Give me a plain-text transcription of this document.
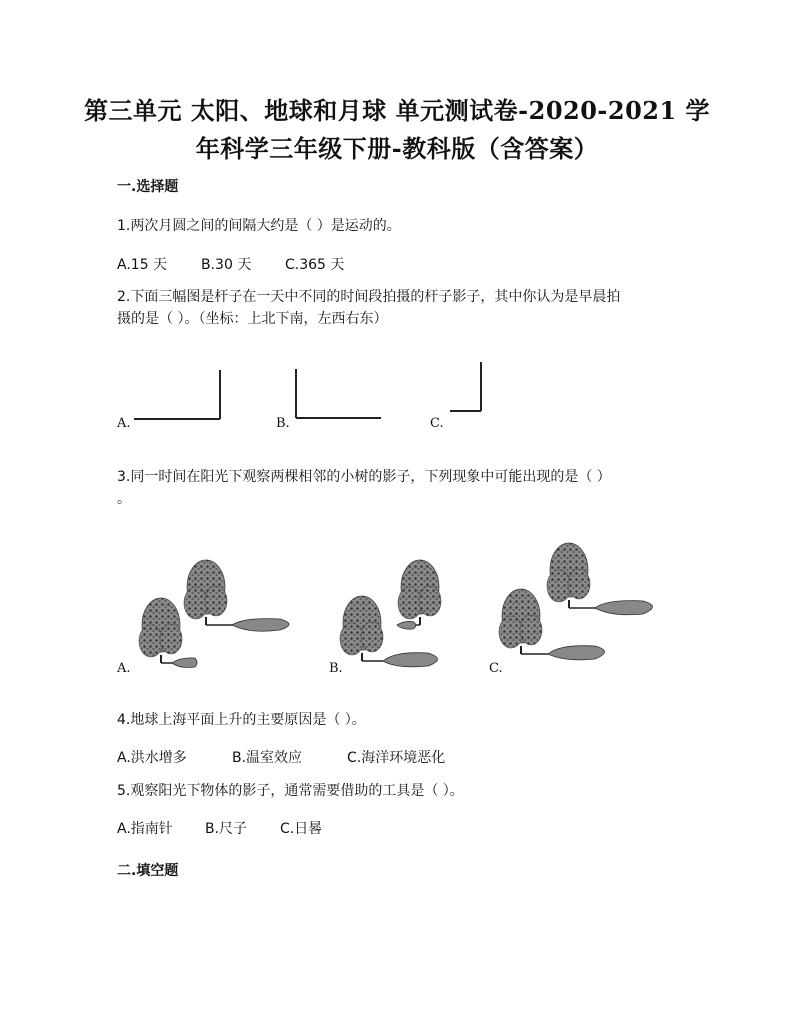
第三单元 太阳、地球和月球 单元测试卷-2020-2021 学
年科学三年级下册-教科版（含答案）
一.选择题
1.两次月圆之间的间隔大约是（ ）是运动的。
A.15 天 B.30 天 C.365 天
2.下面三幅图是杆子在一天中不同的时间段拍摄的杆子影子，其中你认为是早晨拍
摄的是（ ）。（坐标：上北下南，左西右东）
A.	B.	C.
3.同一时间在阳光下观察两棵相邻的小树的影子，下列现象中可能出现的是（ ）
。
A.	B.	C.
4.地球上海平面上升的主要原因是（ ）。
A.洪水增多	B.温室效应	C.海洋环境恶化
5.观察阳光下物体的影子，通常需要借助的工具是（ ）。
A.指南针 B.尺子 C.日晷
二.填空题
